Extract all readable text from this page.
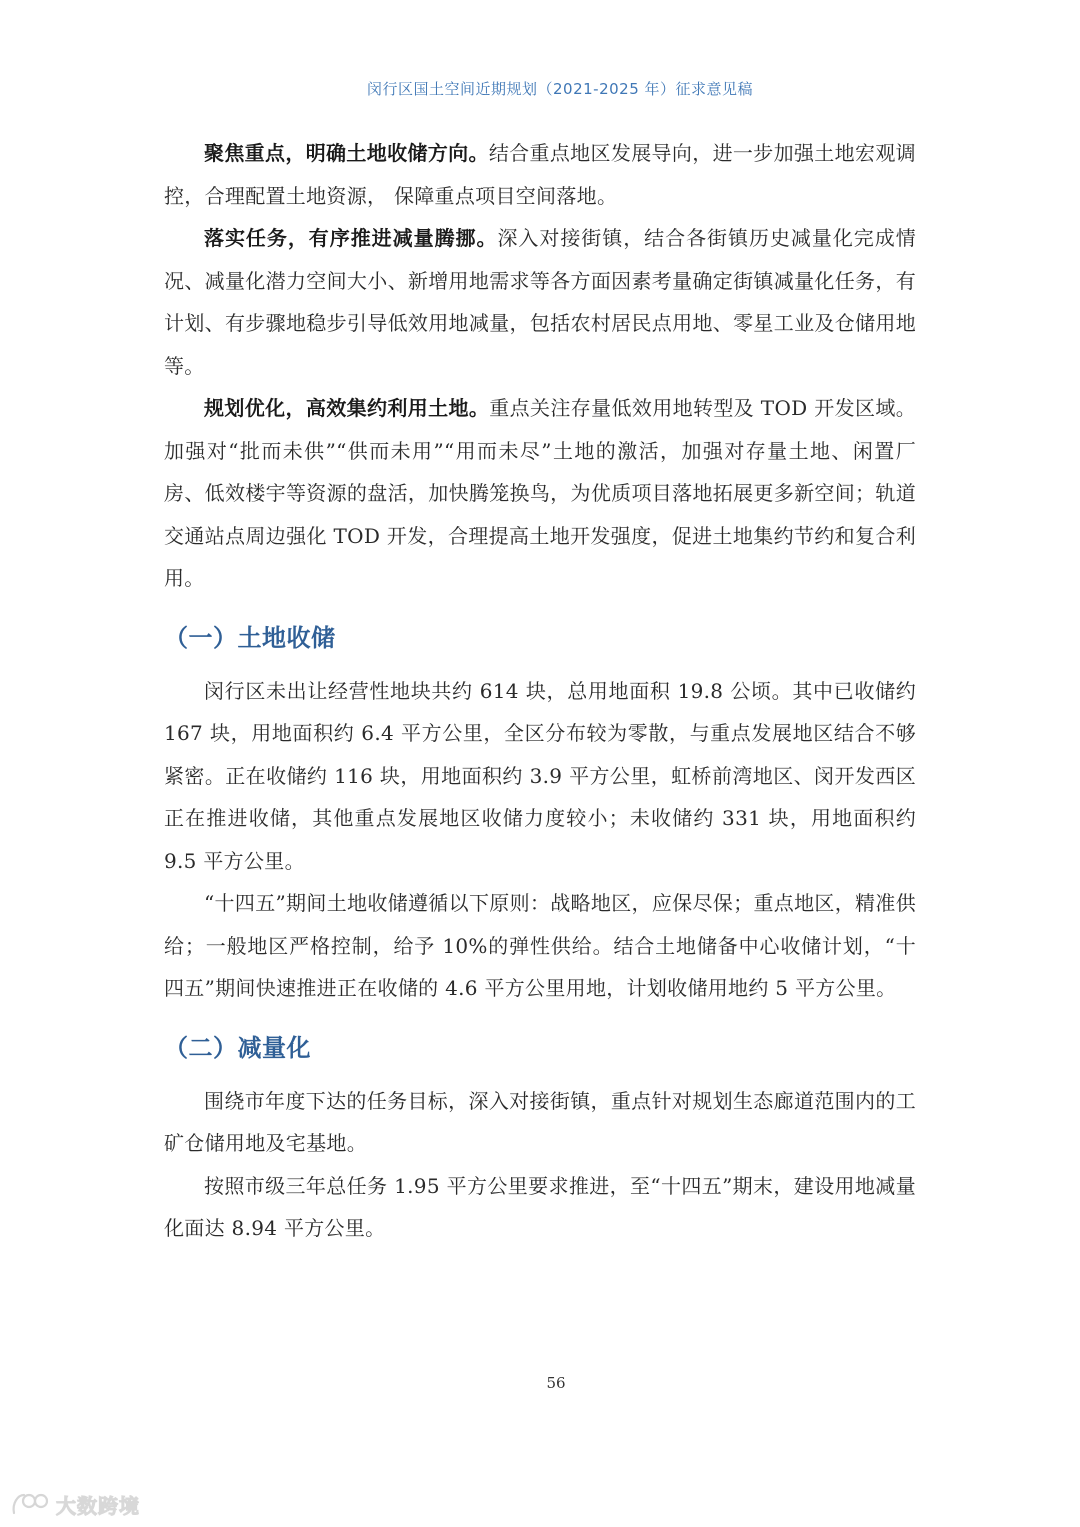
闵行区国土空间近期规划（2021-2025 年）征求意见稿

聚焦重点，明确土地收储方向。结合重点地区发展导向，进一步加强土地宏观调控，合理配置土地资源， 保障重点项目空间落地。

落实任务，有序推进减量腾挪。深入对接街镇，结合各街镇历史减量化完成情况、减量化潜力空间大小、新增用地需求等各方面因素考量确定街镇减量化任务，有计划、有步骤地稳步引导低效用地减量，包括农村居民点用地、零星工业及仓储用地等。

规划优化，高效集约利用土地。重点关注存量低效用地转型及 TOD 开发区域。加强对“批而未供”“供而未用”“用而未尽”土地的激活，加强对存量土地、闲置厂房、低效楼宇等资源的盘活，加快腾笼换鸟，为优质项目落地拓展更多新空间；轨道交通站点周边强化 TOD 开发，合理提高土地开发强度，促进土地集约节约和复合利用。

（一）土地收储

闵行区未出让经营性地块共约 614 块，总用地面积 19.8 公顷。其中已收储约 167 块，用地面积约 6.4 平方公里，全区分布较为零散，与重点发展地区结合不够紧密。正在收储约 116 块，用地面积约 3.9 平方公里，虹桥前湾地区、闵开发西区正在推进收储，其他重点发展地区收储力度较小；未收储约 331 块，用地面积约 9.5 平方公里。

“十四五”期间土地收储遵循以下原则：战略地区，应保尽保；重点地区，精准供给；一般地区严格控制，给予 10%的弹性供给。结合土地储备中心收储计划，“十四五”期间快速推进正在收储的 4.6 平方公里用地，计划收储用地约 5 平方公里。

（二）减量化

围绕市年度下达的任务目标，深入对接街镇，重点针对规划生态廊道范围内的工矿仓储用地及宅基地。

按照市级三年总任务 1.95 平方公里要求推进，至“十四五”期末，建设用地减量化面达 8.94 平方公里。

56
大数跨境
